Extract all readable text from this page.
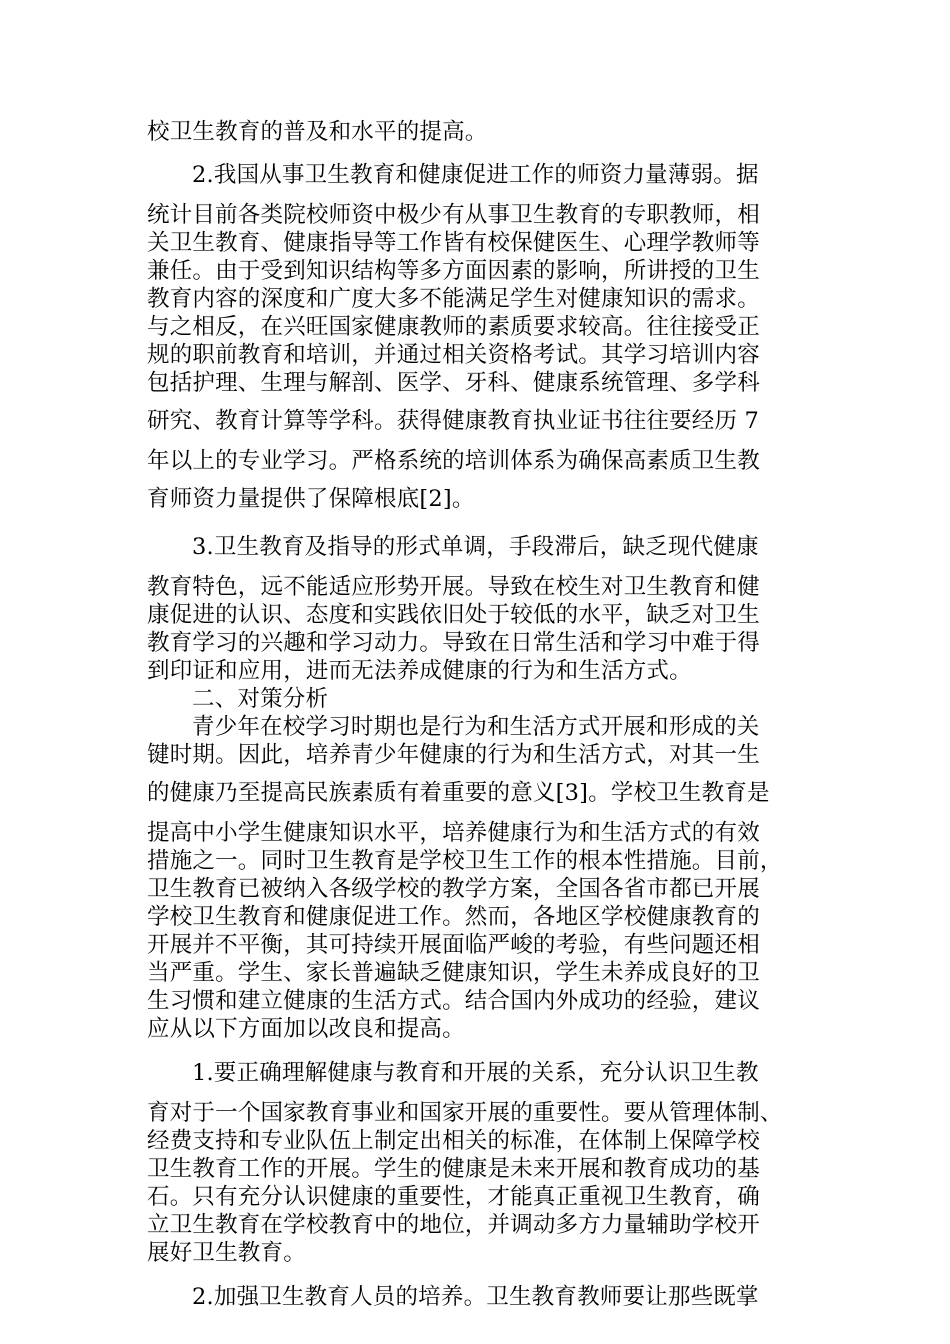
校卫生教育的普及和水平的提高。
2.我国从事卫生教育和健康促进工作的师资力量薄弱。据
统计目前各类院校师资中极少有从事卫生教育的专职教师，相
关卫生教育、健康指导等工作皆有校保健医生、心理学教师等
兼任。由于受到知识结构等多方面因素的影响，所讲授的卫生
教育内容的深度和广度大多不能满足学生对健康知识的需求。
与之相反，在兴旺国家健康教师的素质要求较高。往往接受正
规的职前教育和培训，并通过相关资格考试。其学习培训内容
包括护理、生理与解剖、医学、牙科、健康系统管理、多学科
研究、教育计算等学科。获得健康教育执业证书往往要经历 7
年以上的专业学习。严格系统的培训体系为确保高素质卫生教
育师资力量提供了保障根底[2]。
3.卫生教育及指导的形式单调，手段滞后，缺乏现代健康
教育特色，远不能适应形势开展。导致在校生对卫生教育和健
康促进的认识、态度和实践依旧处于较低的水平，缺乏对卫生
教育学习的兴趣和学习动力。导致在日常生活和学习中难于得
到印证和应用，进而无法养成健康的行为和生活方式。
二、对策分析
青少年在校学习时期也是行为和生活方式开展和形成的关
键时期。因此，培养青少年健康的行为和生活方式，对其一生
的健康乃至提高民族素质有着重要的意义[3]。学校卫生教育是
提高中小学生健康知识水平，培养健康行为和生活方式的有效
措施之一。同时卫生教育是学校卫生工作的根本性措施。目前，
卫生教育已被纳入各级学校的教学方案，全国各省市都已开展
学校卫生教育和健康促进工作。然而，各地区学校健康教育的
开展并不平衡，其可持续开展面临严峻的考验，有些问题还相
当严重。学生、家长普遍缺乏健康知识，学生未养成良好的卫
生习惯和建立健康的生活方式。结合国内外成功的经验，建议
应从以下方面加以改良和提高。
1.要正确理解健康与教育和开展的关系，充分认识卫生教
育对于一个国家教育事业和国家开展的重要性。要从管理体制、
经费支持和专业队伍上制定出相关的标准，在体制上保障学校
卫生教育工作的开展。学生的健康是未来开展和教育成功的基
石。只有充分认识健康的重要性，才能真正重视卫生教育，确
立卫生教育在学校教育中的地位，并调动多方力量辅助学校开
展好卫生教育。
2.加强卫生教育人员的培养。卫生教育教师要让那些既掌
